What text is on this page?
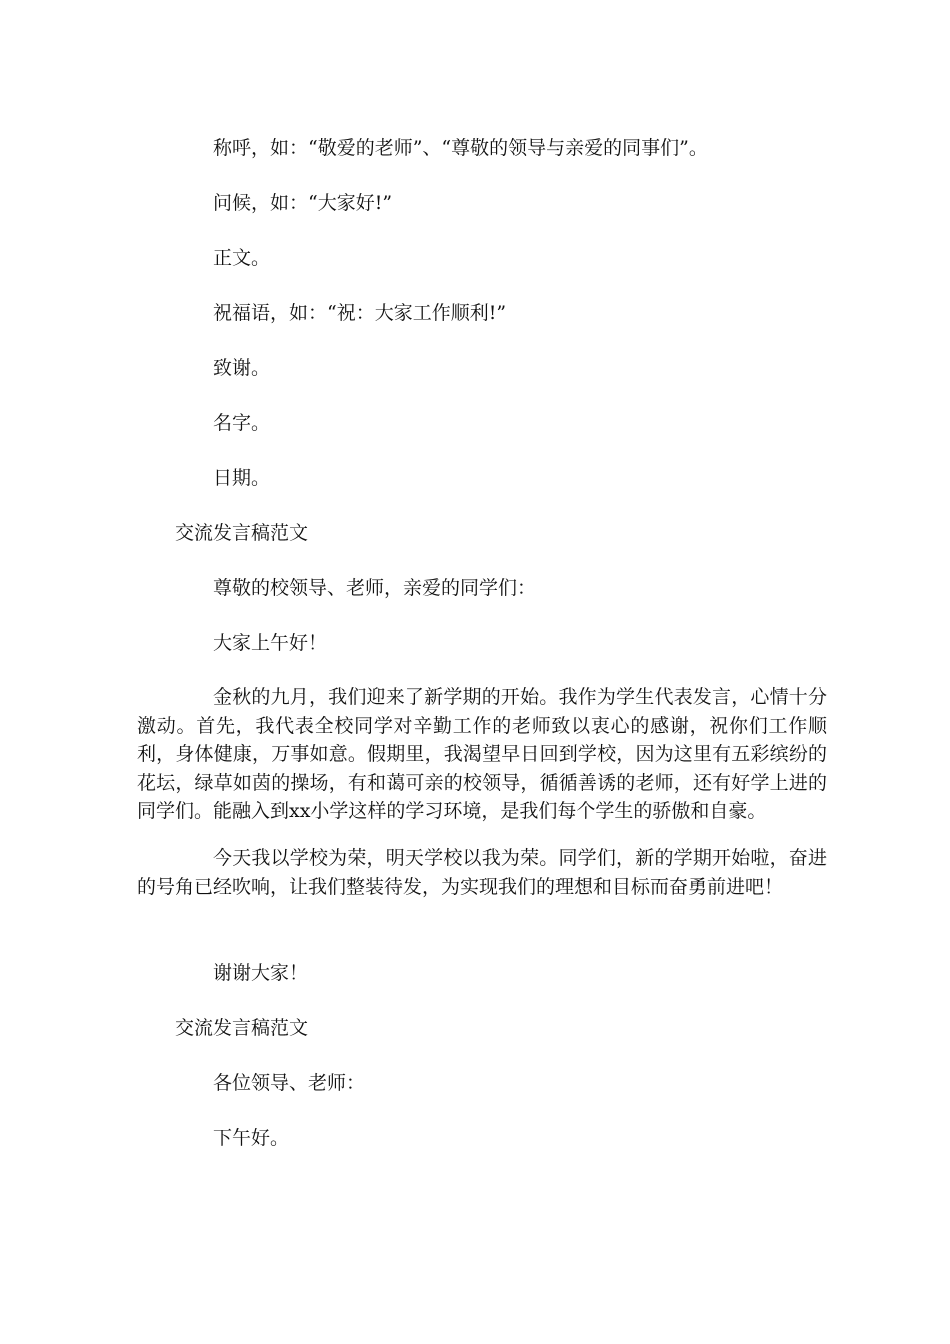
称呼，如：“敬爱的老师”、“尊敬的领导与亲爱的同事们”。

问候，如：“大家好!”

正文。

祝福语，如：“祝：大家工作顺利!”

致谢。

名字。

日期。

交流发言稿范文

尊敬的校领导、老师，亲爱的同学们：

大家上午好！

金秋的九月，我们迎来了新学期的开始。我作为学生代表发言，心情十分激动。首先，我代表全校同学对辛勤工作的老师致以衷心的感谢，祝你们工作顺利，身体健康，万事如意。假期里，我渴望早日回到学校，因为这里有五彩缤纷的花坛，绿草如茵的操场，有和蔼可亲的校领导，循循善诱的老师，还有好学上进的同学们。能融入到xx小学这样的学习环境，是我们每个学生的骄傲和自豪。

今天我以学校为荣，明天学校以我为荣。同学们，新的学期开始啦，奋进的号角已经吹响，让我们整装待发，为实现我们的理想和目标而奋勇前进吧！

谢谢大家！

交流发言稿范文

各位领导、老师：

下午好。
